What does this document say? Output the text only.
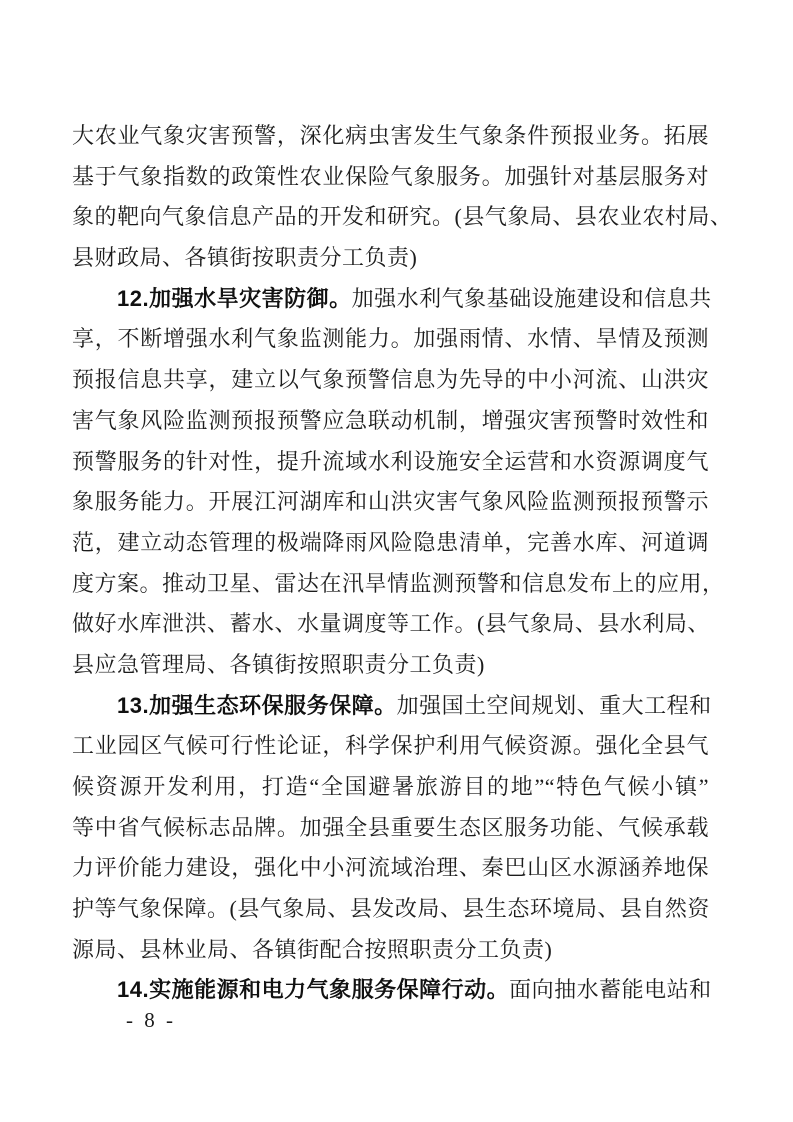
大农业气象灾害预警，深化病虫害发生气象条件预报业务。拓展
基于气象指数的政策性农业保险气象服务。加强针对基层服务对
象的靶向气象信息产品的开发和研究。(县气象局、县农业农村局、
县财政局、各镇街按职责分工负责)
12.加强水旱灾害防御。加强水利气象基础设施建设和信息共
享，不断增强水利气象监测能力。加强雨情、水情、旱情及预测
预报信息共享，建立以气象预警信息为先导的中小河流、山洪灾
害气象风险监测预报预警应急联动机制，增强灾害预警时效性和
预警服务的针对性，提升流域水利设施安全运营和水资源调度气
象服务能力。开展江河湖库和山洪灾害气象风险监测预报预警示
范，建立动态管理的极端降雨风险隐患清单，完善水库、河道调
度方案。推动卫星、雷达在汛旱情监测预警和信息发布上的应用，
做好水库泄洪、蓄水、水量调度等工作。(县气象局、县水利局、
县应急管理局、各镇街按照职责分工负责)
13.加强生态环保服务保障。加强国土空间规划、重大工程和
工业园区气候可行性论证，科学保护利用气候资源。强化全县气
候资源开发利用，打造“全国避暑旅游目的地”“特色气候小镇”
等中省气候标志品牌。加强全县重要生态区服务功能、气候承载
力评价能力建设，强化中小河流域治理、秦巴山区水源涵养地保
护等气象保障。(县气象局、县发改局、县生态环境局、县自然资
源局、县林业局、各镇街配合按照职责分工负责)
14.实施能源和电力气象服务保障行动。面向抽水蓄能电站和
- 8 -
